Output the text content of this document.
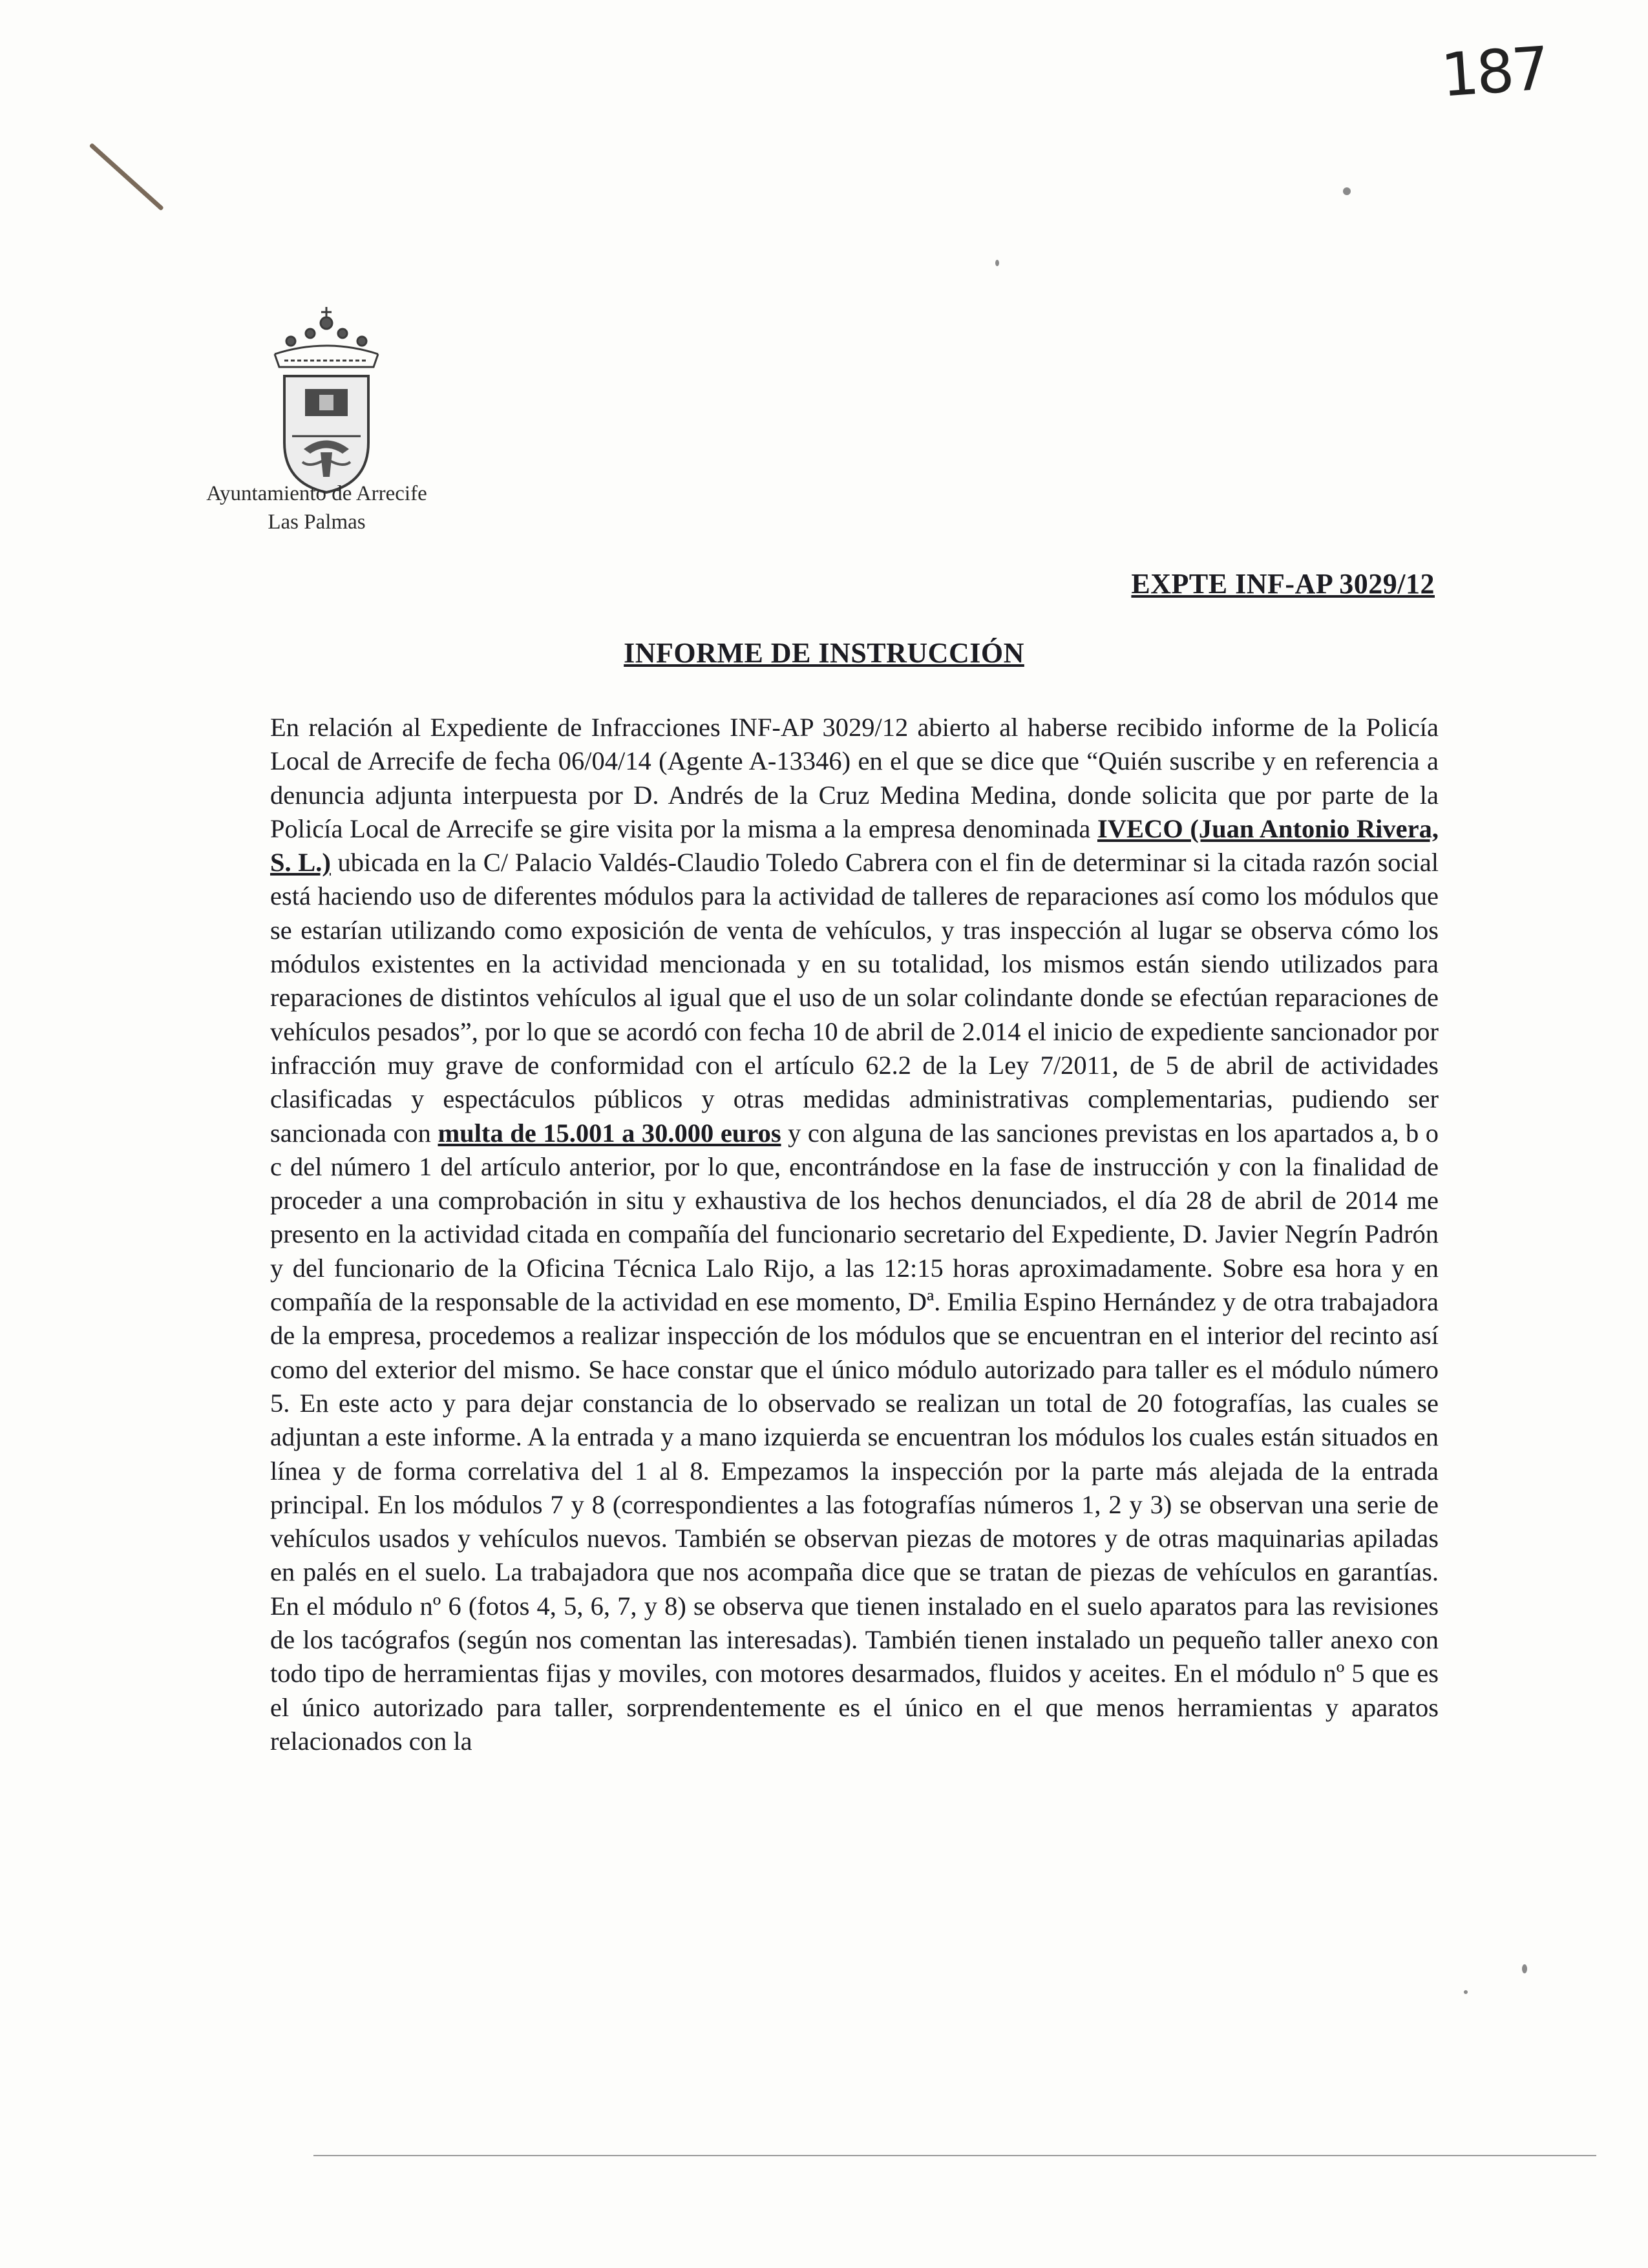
187
Ayuntamiento de Arrecife
Las Palmas
EXPTE INF-AP 3029/12
INFORME DE INSTRUCCIÓN
En relación al Expediente de Infracciones INF-AP 3029/12 abierto al haberse recibido informe de la Policía Local de Arrecife de fecha 06/04/14 (Agente A-13346) en el que se dice que “Quién suscribe y en referencia a denuncia adjunta interpuesta por D. Andrés de la Cruz Medina Medina, donde solicita que por parte de la Policía Local de Arrecife se gire visita por la misma a la empresa denominada IVECO (Juan Antonio Rivera, S. L.) ubicada en la C/ Palacio Valdés-Claudio Toledo Cabrera con el fin de determinar si la citada razón social está haciendo uso de diferentes módulos para la actividad de talleres de reparaciones así como los módulos que se estarían utilizando como exposición de venta de vehículos, y tras inspección al lugar se observa cómo los módulos existentes en la actividad mencionada y en su totalidad, los mismos están siendo utilizados para reparaciones de distintos vehículos al igual que el uso de un solar colindante donde se efectúan reparaciones de vehículos pesados”, por lo que se acordó con fecha 10 de abril de 2.014 el inicio de expediente sancionador por infracción muy grave de conformidad con el artículo 62.2 de la Ley 7/2011, de 5 de abril de actividades clasificadas y espectáculos públicos y otras medidas administrativas complementarias, pudiendo ser sancionada con multa de 15.001 a 30.000 euros y con alguna de las sanciones previstas en los apartados a, b o c del número 1 del artículo anterior, por lo que, encontrándose en la fase de instrucción y con la finalidad de proceder a una comprobación in situ y exhaustiva de los hechos denunciados, el día 28 de abril de 2014 me presento en la actividad citada en compañía del funcionario secretario del Expediente, D. Javier Negrín Padrón y del funcionario de la Oficina Técnica Lalo Rijo, a las 12:15 horas aproximadamente. Sobre esa hora y en compañía de la responsable de la actividad en ese momento, Dª. Emilia Espino Hernández y de otra trabajadora de la empresa, procedemos a realizar inspección de los módulos que se encuentran en el interior del recinto así como del exterior del mismo. Se hace constar que el único módulo autorizado para taller es el módulo número 5. En este acto y para dejar constancia de lo observado se realizan un total de 20 fotografías, las cuales se adjuntan a este informe. A la entrada y a mano izquierda se encuentran los módulos los cuales están situados en línea y de forma correlativa del 1 al 8. Empezamos la inspección por la parte más alejada de la entrada principal. En los módulos 7 y 8 (correspondientes a las fotografías números 1, 2 y 3) se observan una serie de vehículos usados y vehículos nuevos. También se observan piezas de motores y de otras maquinarias apiladas en palés en el suelo. La trabajadora que nos acompaña dice que se tratan de piezas de vehículos en garantías. En el módulo nº 6 (fotos 4, 5, 6, 7, y 8) se observa que tienen instalado en el suelo aparatos para las revisiones de los tacógrafos (según nos comentan las interesadas). También tienen instalado un pequeño taller anexo con todo tipo de herramientas fijas y moviles, con motores desarmados, fluidos y aceites. En el módulo nº 5 que es el único autorizado para taller, sorprendentemente es el único en el que menos herramientas y aparatos relacionados con la
